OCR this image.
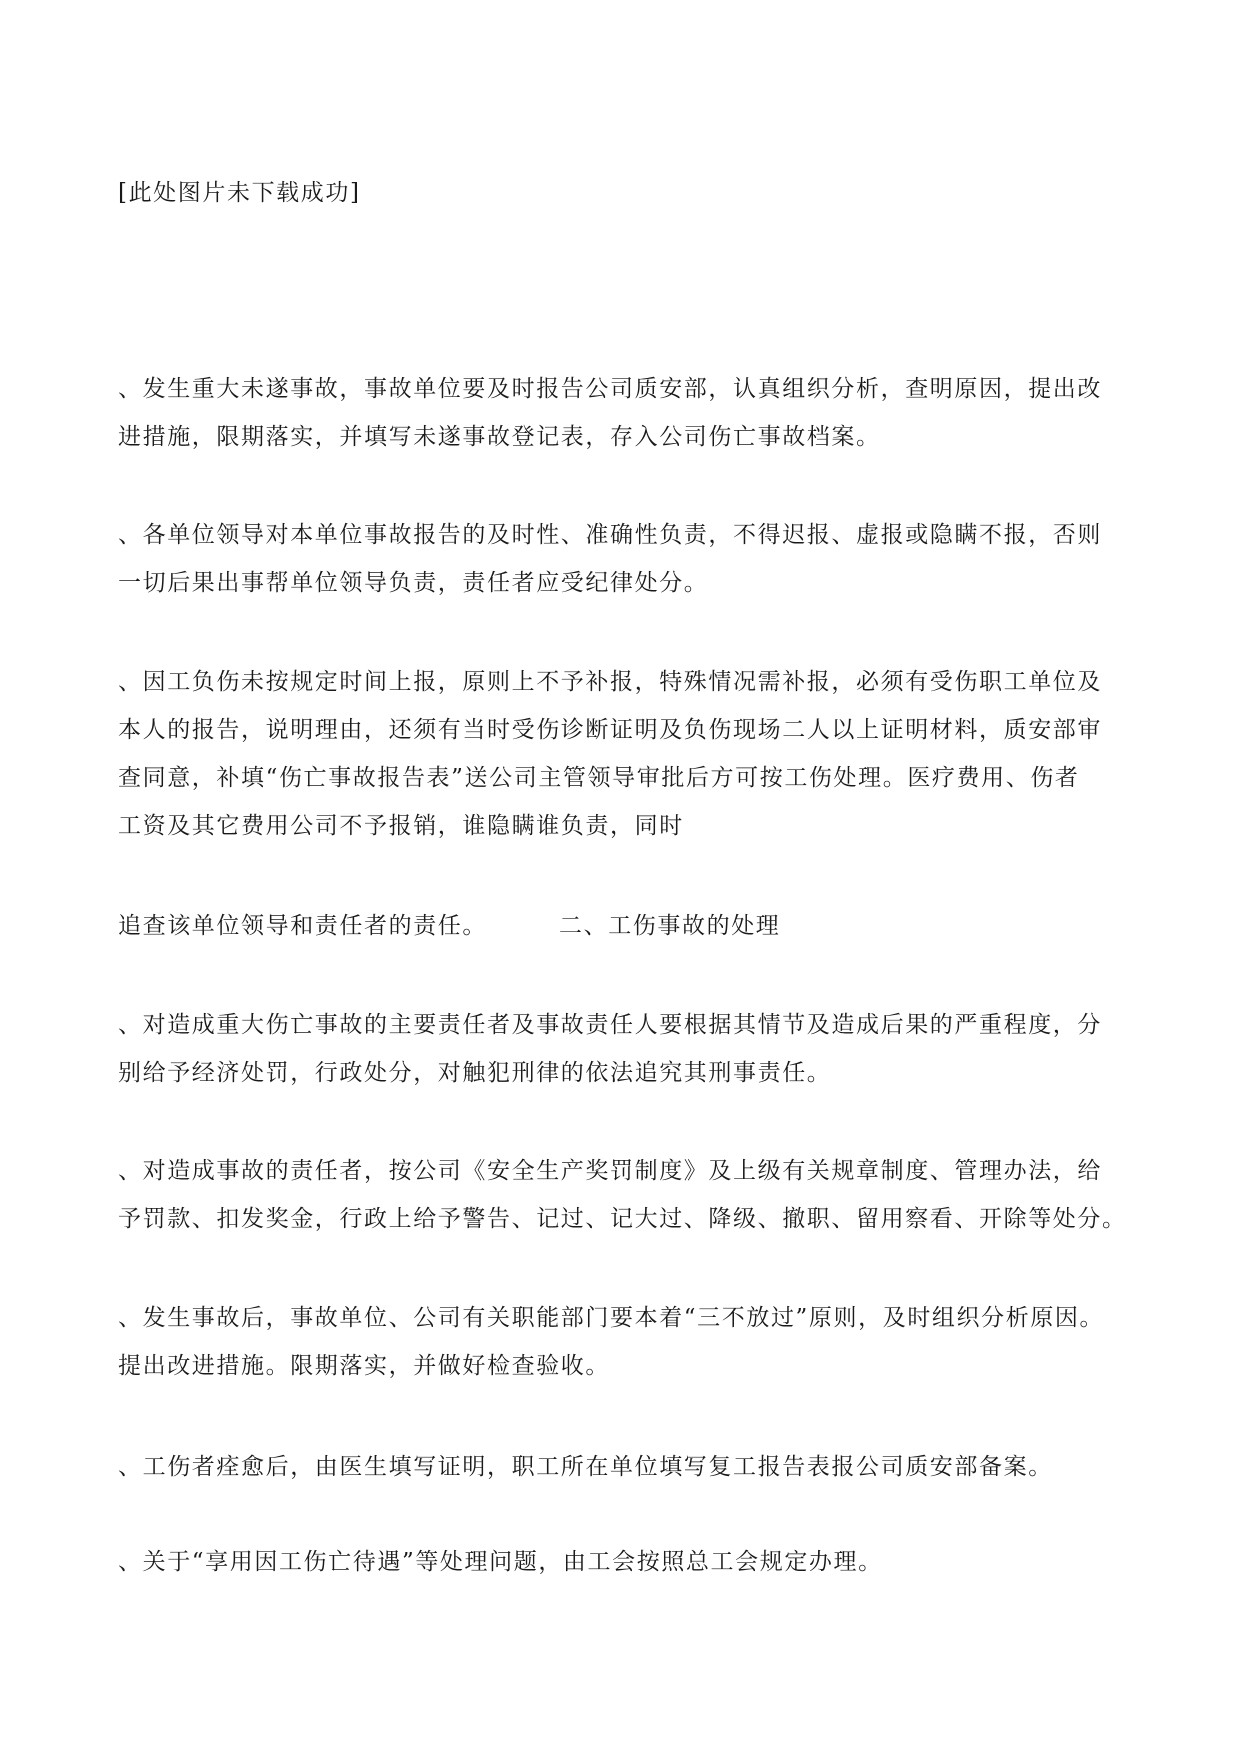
[此处图片未下载成功]
、发生重大未遂事故，事故单位要及时报告公司质安部，认真组织分析，查明原因，提出改
进措施，限期落实，并填写未遂事故登记表，存入公司伤亡事故档案。
、各单位领导对本单位事故报告的及时性、准确性负责，不得迟报、虚报或隐瞒不报，否则
一切后果出事帮单位领导负责，责任者应受纪律处分。
、因工负伤未按规定时间上报，原则上不予补报，特殊情况需补报，必须有受伤职工单位及
本人的报告，说明理由，还须有当时受伤诊断证明及负伤现场二人以上证明材料，质安部审
查同意，补填“伤亡事故报告表”送公司主管领导审批后方可按工伤处理。医疗费用、伤者
工资及其它费用公司不予报销，谁隐瞒谁负责，同时
追查该单位领导和责任者的责任。	二、工伤事故的处理
、对造成重大伤亡事故的主要责任者及事故责任人要根据其情节及造成后果的严重程度，分
别给予经济处罚，行政处分，对触犯刑律的依法追究其刑事责任。
、对造成事故的责任者，按公司《安全生产奖罚制度》及上级有关规章制度、管理办法，给
予罚款、扣发奖金，行政上给予警告、记过、记大过、降级、撤职、留用察看、开除等处分。
、发生事故后，事故单位、公司有关职能部门要本着“三不放过”原则，及时组织分析原因。
提出改进措施。限期落实，并做好检查验收。
、工伤者痊愈后，由医生填写证明，职工所在单位填写复工报告表报公司质安部备案。
、关于“享用因工伤亡待遇”等处理问题，由工会按照总工会规定办理。
